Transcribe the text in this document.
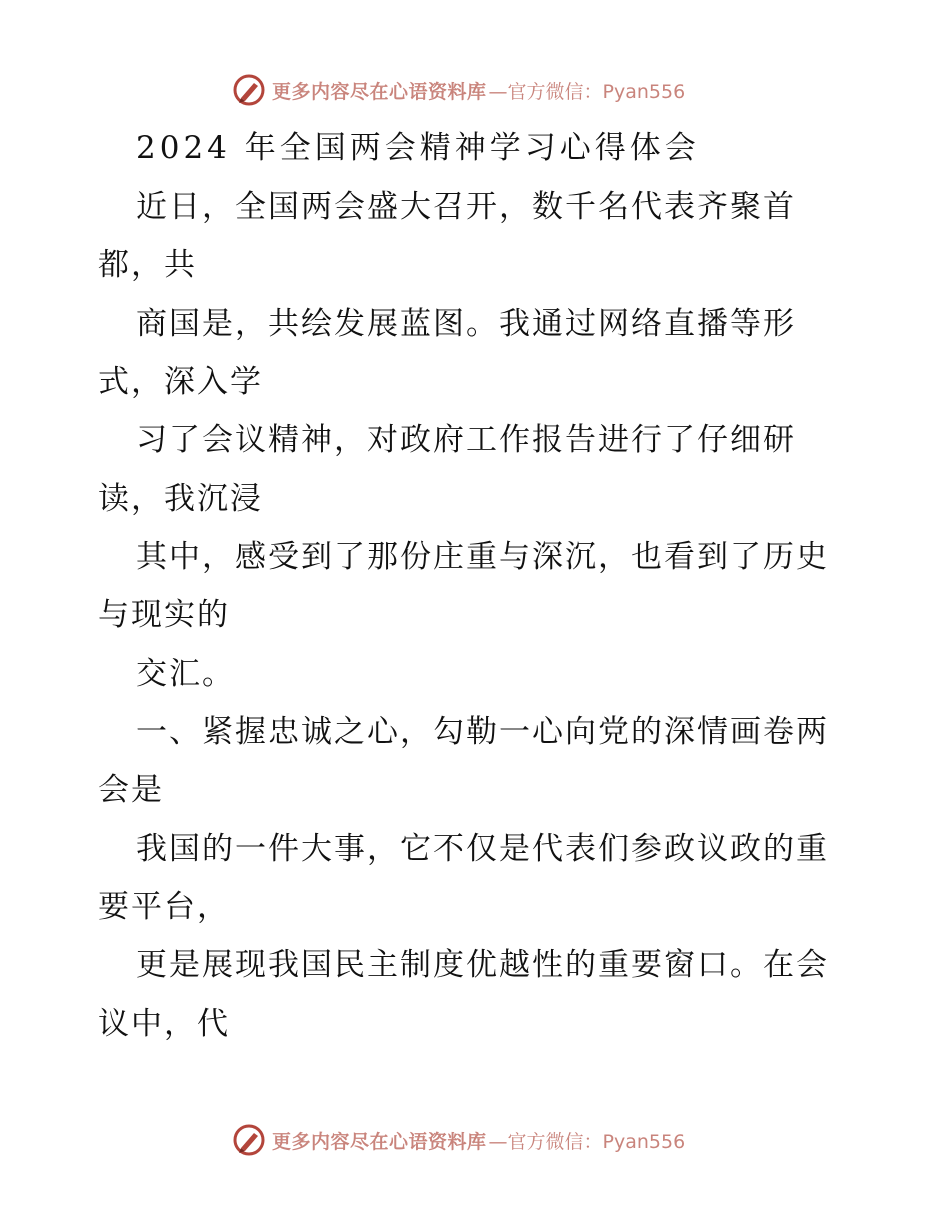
更多内容尽在心语资料库 —官方微信：Pyan556
2024 年全国两会精神学习心得体会
近日，全国两会盛大召开，数千名代表齐聚首
都，共
商国是，共绘发展蓝图。我通过网络直播等形
式，深入学
习了会议精神，对政府工作报告进行了仔细研
读，我沉浸
其中，感受到了那份庄重与深沉，也看到了历史
与现实的
交汇。
一、紧握忠诚之心，勾勒一心向党的深情画卷两
会是
我国的一件大事，它不仅是代表们参政议政的重
要平台，
更是展现我国民主制度优越性的重要窗口。在会
议中，代
更多内容尽在心语资料库 —官方微信：Pyan556
